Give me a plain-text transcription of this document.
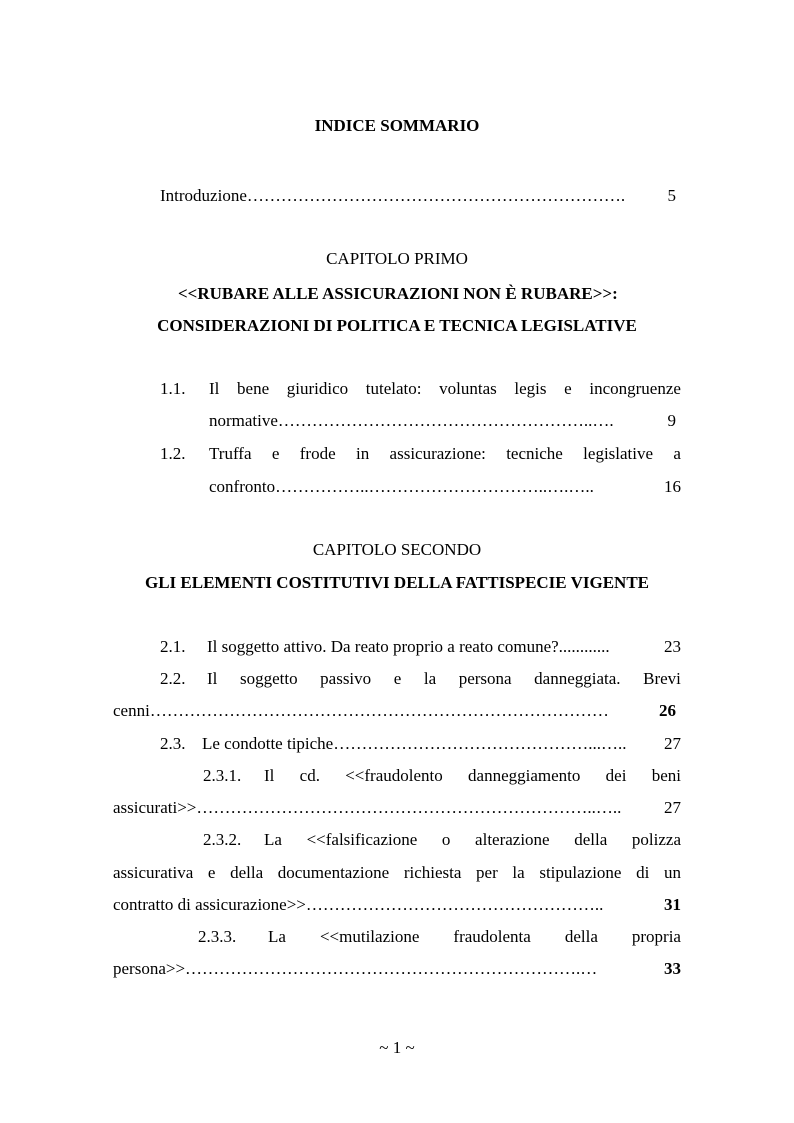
INDICE SOMMARIO
Introduzione…………………………………………………………. 5
CAPITOLO PRIMO
<<RUBARE ALLE ASSICURAZIONI NON È RUBARE>>:
CONSIDERAZIONI DI POLITICA E TECNICA LEGISLATIVE
1.1. Il bene giuridico tutelato: voluntas legis e incongruenze
normative………………………………………………..….	9
1.2. Truffa e frode in assicurazione: tecniche legislative a
confronto……………..…………………………..….…..	16
CAPITOLO SECONDO
GLI ELEMENTI COSTITUTIVI DELLA FATTISPECIE VIGENTE
2.1. Il soggetto attivo. Da reato proprio a reato comune?............	23
2.2. Il soggetto passivo e la persona danneggiata. Brevi
cenni………………………………………………………………………	26
2.3. Le condotte tipiche………………………………………...….. 27
2.3.1. Il cd. <<fraudolento danneggiamento dei beni
assicurati>>……………………………………………………………..…..	27
2.3.2. La <<falsificazione o alterazione della polizza
assicurativa e della documentazione richiesta per la stipulazione di un
contratto di assicurazione>>……………………………………………..	31
2.3.3. La <<mutilazione fraudolenta della propria
persona>>…………………………………………………………….…	33
~ 1 ~
